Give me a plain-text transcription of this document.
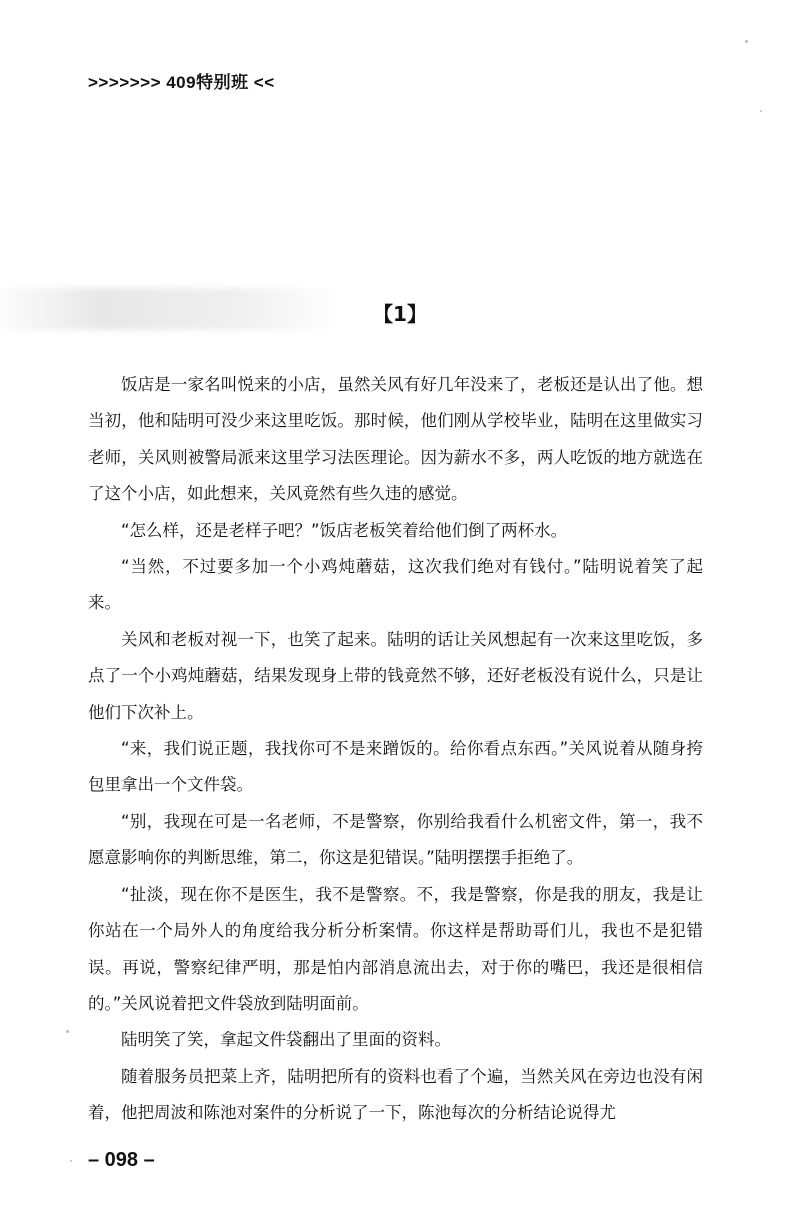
>>>>>>> 409特别班 <<
【1】

饭店是一家名叫悦来的小店，虽然关风有好几年没来了，老板还是认出了他。想当初，他和陆明可没少来这里吃饭。那时候，他们刚从学校毕业，陆明在这里做实习老师，关风则被警局派来这里学习法医理论。因为薪水不多，两人吃饭的地方就选在了这个小店，如此想来，关风竟然有些久违的感觉。

“怎么样，还是老样子吧？”饭店老板笑着给他们倒了两杯水。

“当然，不过要多加一个小鸡炖蘑菇，这次我们绝对有钱付。”陆明说着笑了起来。

关风和老板对视一下，也笑了起来。陆明的话让关风想起有一次来这里吃饭，多点了一个小鸡炖蘑菇，结果发现身上带的钱竟然不够，还好老板没有说什么，只是让他们下次补上。

“来，我们说正题，我找你可不是来蹭饭的。给你看点东西。”关风说着从随身挎包里拿出一个文件袋。

“别，我现在可是一名老师，不是警察，你别给我看什么机密文件，第一，我不愿意影响你的判断思维，第二，你这是犯错误。”陆明摆摆手拒绝了。

“扯淡，现在你不是医生，我不是警察。不，我是警察，你是我的朋友，我是让你站在一个局外人的角度给我分析分析案情。你这样是帮助哥们儿，我也不是犯错误。再说，警察纪律严明，那是怕内部消息流出去，对于你的嘴巴，我还是很相信的。”关风说着把文件袋放到陆明面前。

陆明笑了笑，拿起文件袋翻出了里面的资料。

随着服务员把菜上齐，陆明把所有的资料也看了个遍，当然关风在旁边也没有闲着，他把周波和陈池对案件的分析说了一下，陈池每次的分析结论说得尤

– 098 –
